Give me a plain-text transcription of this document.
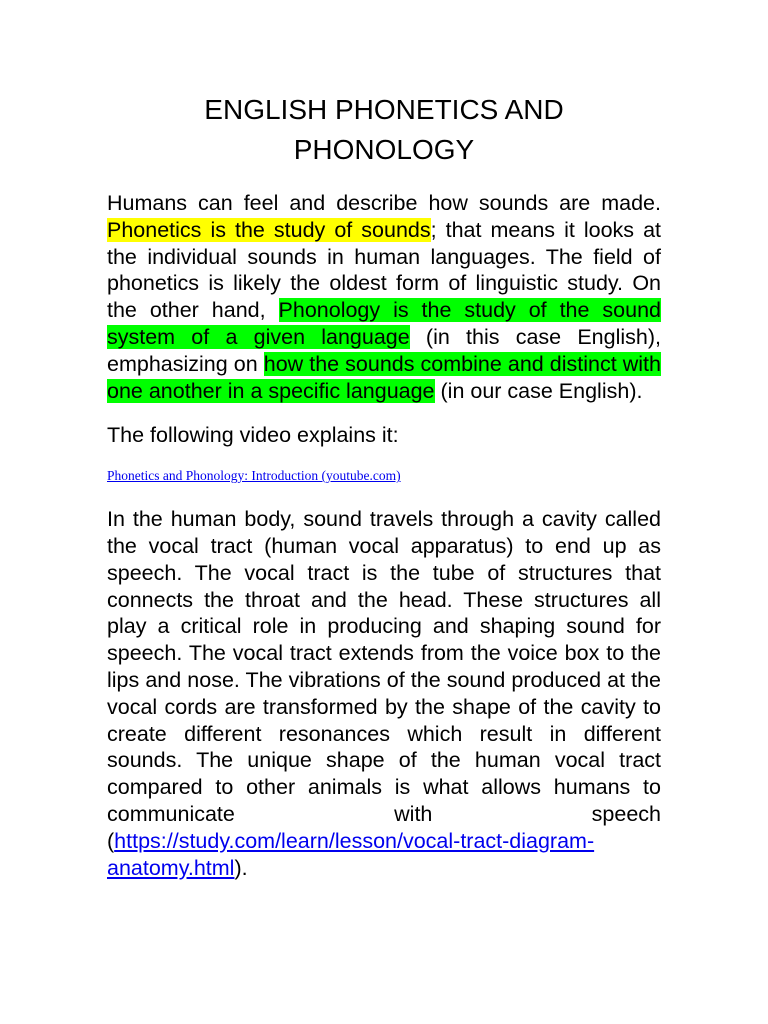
ENGLISH PHONETICS AND
PHONOLOGY

Humans can feel and describe how sounds are made. Phonetics is the study of sounds; that means it looks at the individual sounds in human languages. The field of phonetics is likely the oldest form of linguistic study. On the other hand, Phonology is the study of the sound system of a given language (in this case English), emphasizing on how the sounds combine and distinct with one another in a specific language (in our case English).

The following video explains it:

Phonetics and Phonology: Introduction (youtube.com)

In the human body, sound travels through a cavity called the vocal tract (human vocal apparatus) to end up as speech. The vocal tract is the tube of structures that connects the throat and the head. These structures all play a critical role in producing and shaping sound for speech. The vocal tract extends from the voice box to the lips and nose. The vibrations of the sound produced at the vocal cords are transformed by the shape of the cavity to create different resonances which result in different sounds. The unique shape of the human vocal tract compared to other animals is what allows humans to communicate with speech
(https://study.com/learn/lesson/vocal-tract-diagram-anatomy.html).
